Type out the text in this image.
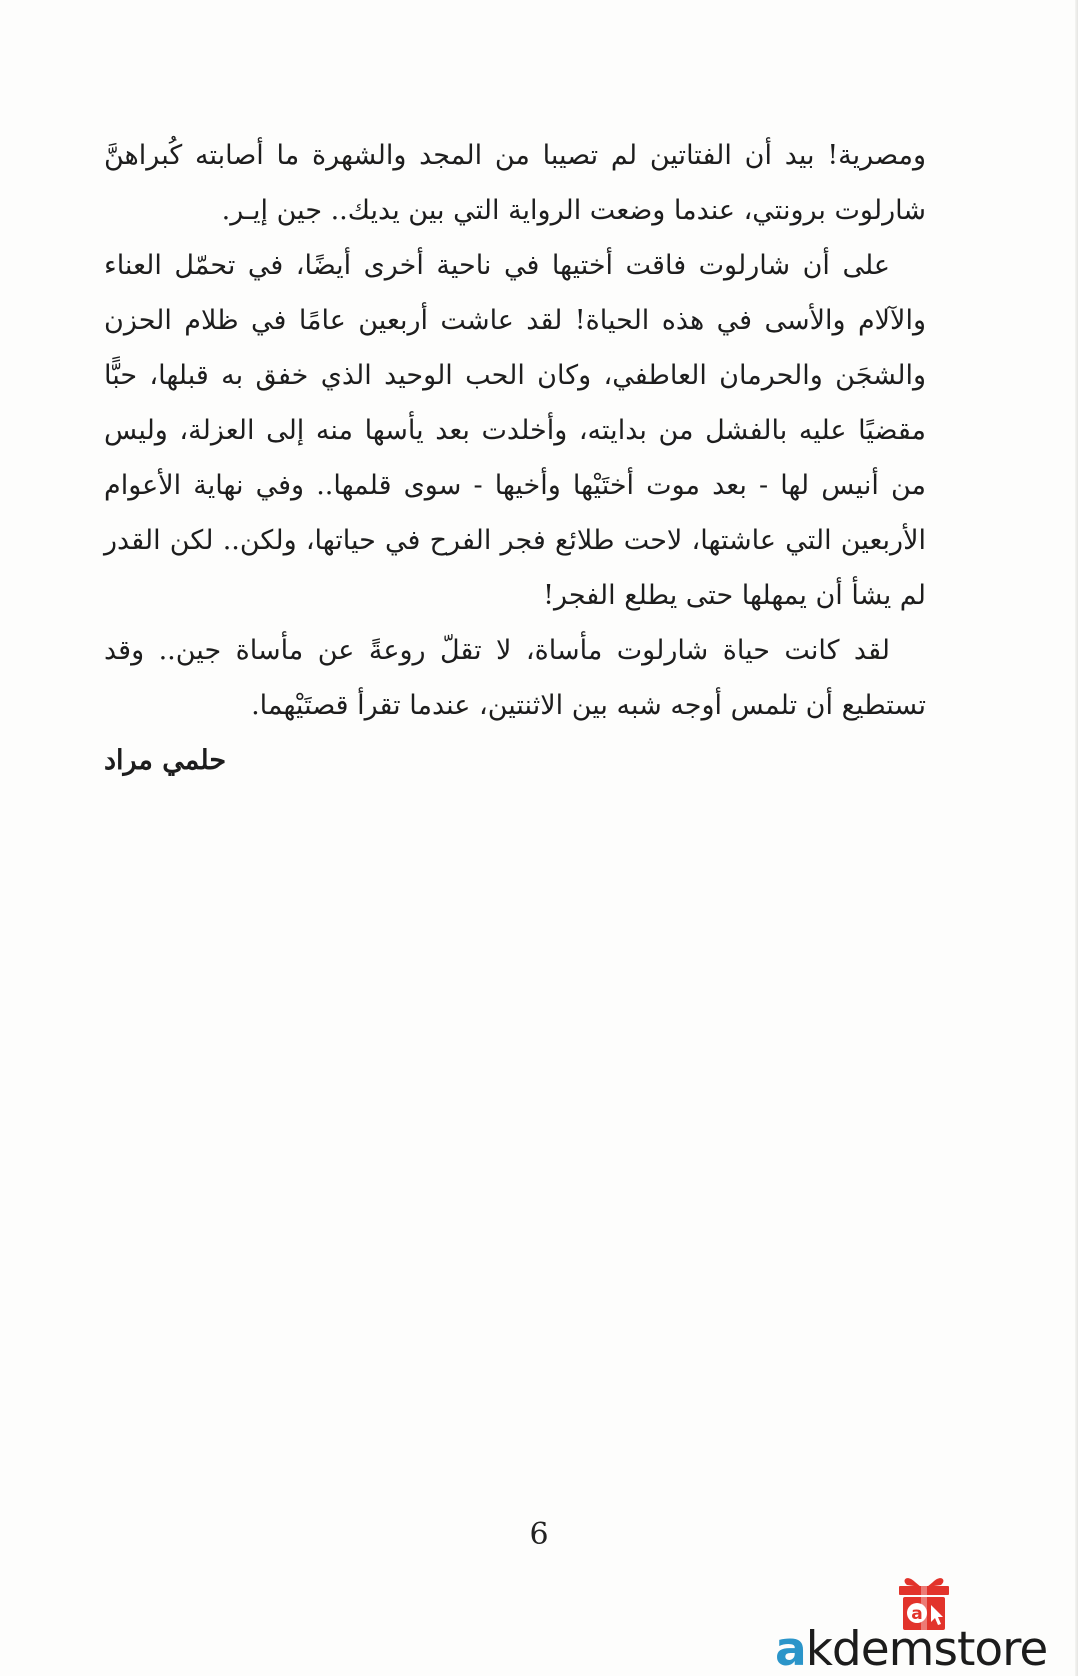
ومصرية! بيد أن الفتاتين لم تصيبا من المجد والشهرة ما أصابته كُبراهنَّ شارلوت برونتي، عندما وضعت الرواية التي بين يديك.. جين إيـر.

على أن شارلوت فاقت أختيها في ناحية أخرى أيضًا، في تحمّل العناء والآلام والأسى في هذه الحياة! لقد عاشت أربعين عامًا في ظلام الحزن والشجَن والحرمان العاطفي، وكان الحب الوحيد الذي خفق به قبلها، حبًّا مقضيًا عليه بالفشل من بدايته، وأخلدت بعد يأسها منه إلى العزلة، وليس من أنيس لها - بعد موت أختَيْها وأخيها - سوى قلمها.. وفي نهاية الأعوام الأربعين التي عاشتها، لاحت طلائع فجر الفرح في حياتها، ولكن.. لكن القدر لم يشأ أن يمهلها حتى يطلع الفجر!

لقد كانت حياة شارلوت مأساة، لا تقلّ روعةً عن مأساة جين.. وقد تستطيع أن تلمس أوجه شبه بين الاثنتين، عندما تقرأ قصتَيْهما.

حلمي مراد

6
a
akdemstore
